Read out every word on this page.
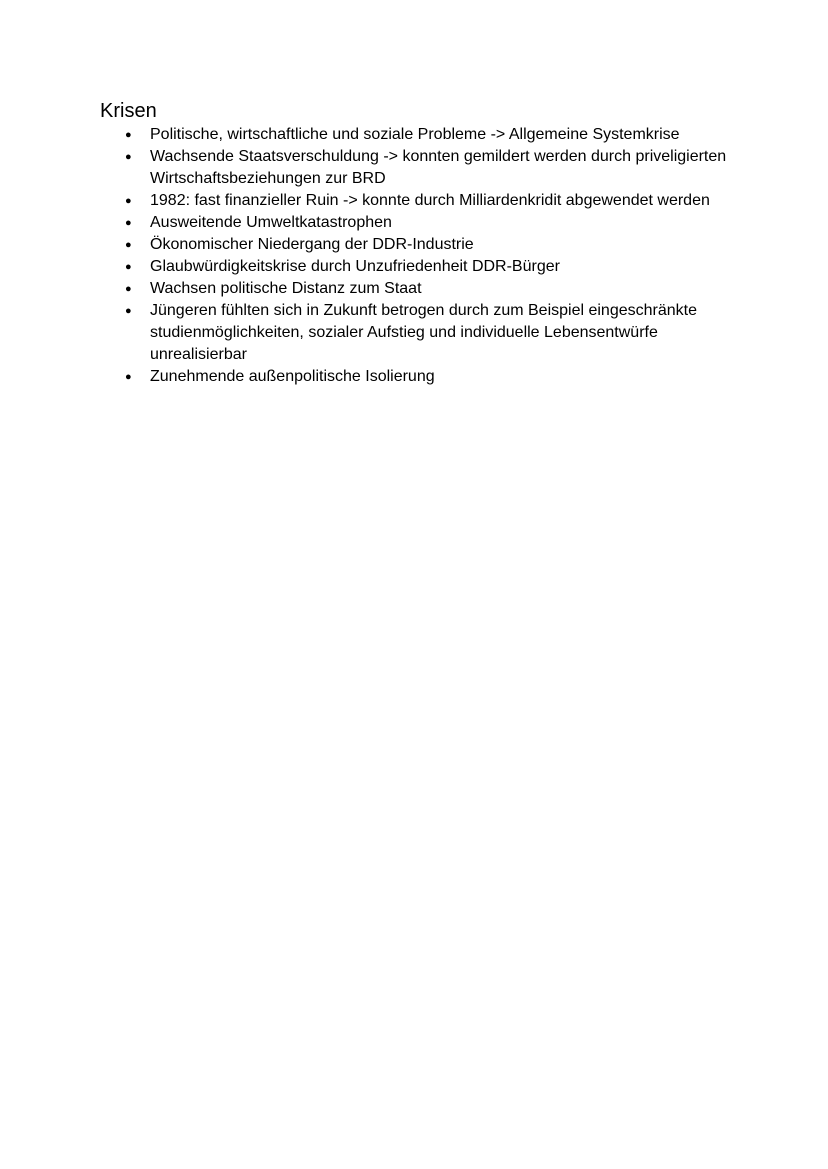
Krisen
● Politische, wirtschaftliche und soziale Probleme -> Allgemeine Systemkrise
● Wachsende Staatsverschuldung -> konnten gemildert werden durch priveligierten Wirtschaftsbeziehungen zur BRD
● 1982: fast finanzieller Ruin -> konnte durch Milliardenkridit abgewendet werden
● Ausweitende Umweltkatastrophen
● Ökonomischer Niedergang der DDR-Industrie
● Glaubwürdigkeitskrise durch Unzufriedenheit DDR-Bürger
● Wachsen politische Distanz zum Staat
● Jüngeren fühlten sich in Zukunft betrogen durch zum Beispiel eingeschränkte studienmöglichkeiten, sozialer Aufstieg und individuelle Lebensentwürfe unrealisierbar
● Zunehmende außenpolitische Isolierung
